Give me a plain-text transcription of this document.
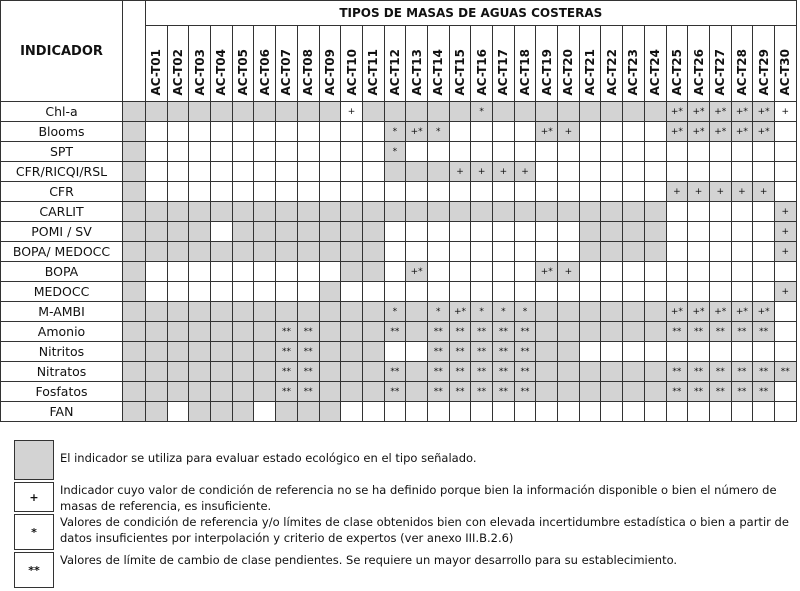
INDICADOR		TIPOS DE MASAS DE AGUAS COSTERAS																													

		AC-T01	AC-T02	AC-T03	AC-T04	AC-T05	AC-T06	AC-T07	AC-T08	AC-T09	AC-T10	AC-T11	AC-T12	AC-T13	AC-T14	AC-T15	AC-T16	AC-T17	AC-T18	AC-T19	AC-T20	AC-T21	AC-T22	AC-T23	AC-T24	AC-T25	AC-T26	AC-T27	AC-T28	AC-T29	AC-T30

Chl-a											+						*									+*	+*	+*	+*	+*	+
Blooms													*	+*	*					+*	+					+*	+*	+*	+*	+*	
SPT													*																		
CFR/RICQI/RSL																+	+	+	+												
CFR																										+	+	+	+	+	
CARLIT																															+
POMI / SV																															+
BOPA/ MEDOCC																															+
BOPA														+*						+*	+										
MEDOCC																															+
M-AMBI													*		*	+*	*	*	*							+*	+*	+*	+*	+*	
Amonio								**	**				**		**	**	**	**	**							**	**	**	**	**	
Nitritos								**	**						**	**	**	**	**												
Nitratos								**	**				**		**	**	**	**	**							**	**	**	**	**	**
Fosfatos								**	**				**		**	**	**	**	**							**	**	**	**	**	
FAN																															
El indicador se utiliza para evaluar estado ecológico en el tipo señalado.
+
Indicador cuyo valor de condición de referencia no se ha definido porque bien la información disponible o bien el número de masas de referencia, es insuficiente.
*
Valores de condición de referencia y/o límites de clase obtenidos bien con elevada incertidumbre estadística o bien a partir de datos insuficientes por interpolación y criterio de expertos (ver anexo III.B.2.6)
**
Valores de límite de cambio de clase pendientes. Se requiere un mayor desarrollo para su establecimiento.
